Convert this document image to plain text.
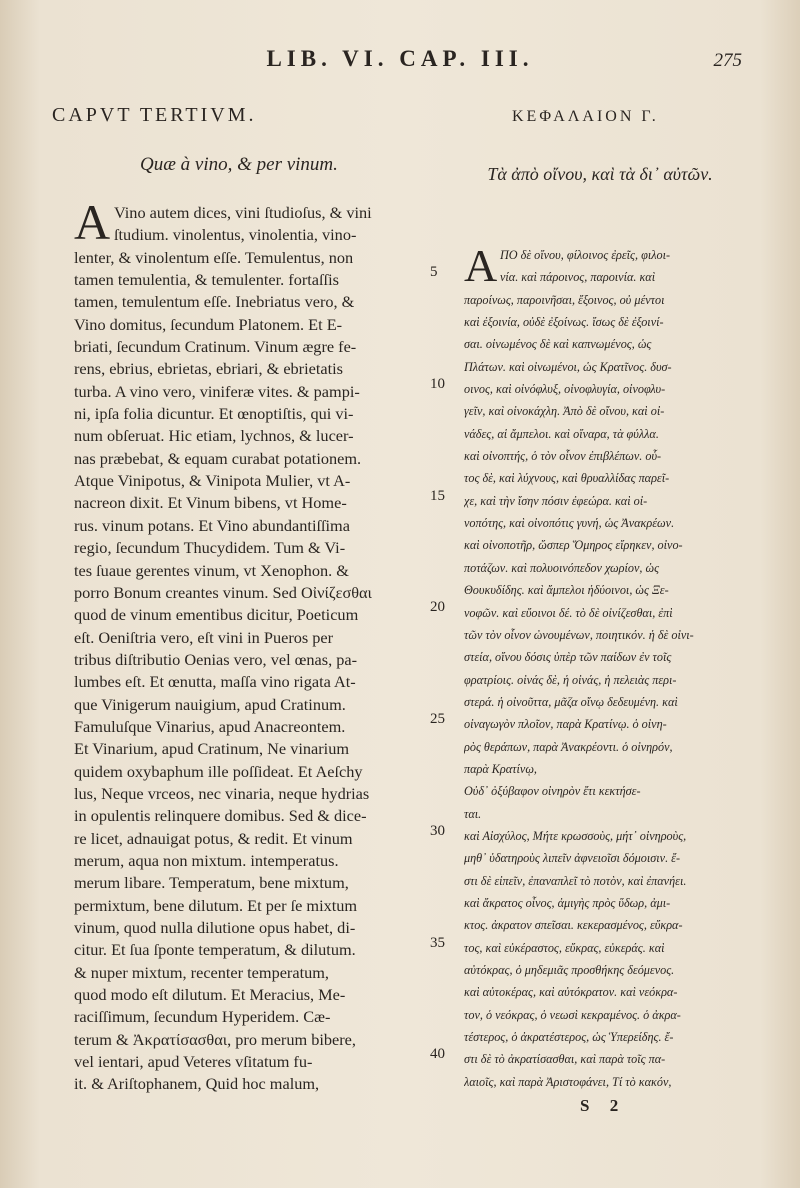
LIB. VI. CAP. III.	275
CAPVT TERTIVM.
Quæ à vino, & per vinum.
ΚΕΦΑΛΑΙΟΝ Γ.
Τὰ ἀπὸ οἴνου, καὶ τὰ δι᾽ αὐτῶν.
A Vino autem dices, vini ſtudioſus, & vini
ſtudium. vinolentus, vinolentia, vino-
lenter, & vinolentum eſſe. Temulentus, non
tamen temulentia, & temulenter. fortaſſis
tamen, temulentum eſſe. Inebriatus vero, &
Vino domitus, ſecundum Platonem. Et E-
briati, ſecundum Cratinum. Vinum ægre fe-
rens, ebrius, ebrietas, ebriari, & ebrietatis
turba. A vino vero, viniferæ vites. & pampi-
ni, ipſa folia dicuntur. Et œnoptiſtis, qui vi-
num obſeruat. Hic etiam, lychnos, & lucer-
nas præbebat, & equam curabat potationem.
Atque Vinipotus, & Vinipota Mulier, vt A-
nacreon dixit. Et Vinum bibens, vt Home-
rus. vinum potans. Et Vino abundantiſſima
regio, ſecundum Thucydidem. Tum & Vi-
tes ſuaue gerentes vinum, vt Xenophon. &
porro Bonum creantes vinum. Sed Οἰνίζεσθαι
quod de vinum ementibus dicitur, Poeticum
eſt. Oeniſtria vero, eſt vini in Pueros per
tribus diſtributio Oenias vero, vel œnas, pa-
lumbes eſt. Et œnutta, maſſa vino rigata At-
que Vinigerum nauigium, apud Cratinum.
Famuluſque Vinarius, apud Anacreontem.
Et Vinarium, apud Cratinum, Ne vinarium
quidem oxybaphum ille poſſideat. Et Aeſchy
lus, Neque vrceos, nec vinaria, neque hydrias
in opulentis relinquere domibus. Sed & dice-
re licet, adnauigat potus, & redit. Et vinum
merum, aqua non mixtum. intemperatus.
merum libare. Temperatum, bene mixtum,
permixtum, bene dilutum. Et per ſe mixtum
vinum, quod nulla dilutione opus habet, di-
citur. Et ſua ſponte temperatum, & dilutum.
& nuper mixtum, recenter temperatum,
quod modo eſt dilutum. Et Meracius, Me-
raciſſimum, ſecundum Hyperidem. Cæ-
terum & Ἀκρατίσασθαι, pro merum bibere,
vel ientari, apud Veteres vſitatum fu-
it. & Ariſtophanem, Quid hoc malum,
Α ΠΟ δὲ οἴνου, φίλοινος ἐρεῖς, φιλοι-
νία. καὶ πάροινος, παροινία. καὶ
παροίνως, παροινῆσαι, ἔξοινος, οὐ μέντοι
καὶ ἐξοινία, οὐδὲ ἐξοίνως. ἴσως δὲ ἐξοινί-
σαι. οἰνωμένος δὲ καὶ καπνωμένος, ὡς
Πλάτων. καὶ οἰνωμένοι, ὡς Κρατῖνος. δυσ-
οινος, καὶ οἰνόφλυξ, οἰνοφλυγία, οἰνοφλυ-
γεῖν, καὶ οἰνοκάχλη. Ἀπὸ δὲ οἴνου, καὶ οἰ-
νάδες, αἱ ἄμπελοι. καὶ οἴναρα, τὰ φύλλα.
καὶ οἰνοπτής, ὁ τὸν οἶνον ἐπιβλέπων. οὗ-
τος δὲ, καὶ λύχνους, καὶ θρυαλλίδας παρεῖ-
χε, καὶ τὴν ἴσην πόσιν ἐφεώρα. καὶ οἰ-
νοπότης, καὶ οἰνοπότις γυνή, ὡς Ἀνακρέων.
καὶ οἰνοποτῆρ, ὥσπερ Ὅμηρος εἴρηκεν, οἰνο-
ποτάζων. καὶ πολυοινόπεδον χωρίον, ὡς
Θουκυδίδης. καὶ ἄμπελοι ἡδύοινοι, ὡς Ξε-
νοφῶν. καὶ εὔοινοι δέ. τὸ δὲ οἰνίζεσθαι, ἐπὶ
τῶν τὸν οἶνον ὠνουμένων, ποιητικόν. ἡ δὲ οἰνι-
στεία, οἴνου δόσις ὑπὲρ τῶν παίδων ἐν τοῖς
φρατρίοις. οἰνάς δὲ, ἡ οἰνάς, ἡ πελειὰς περι-
στερά. ἡ οἰνοῦττα, μᾶζα οἴνῳ δεδευμένη. καὶ
οἰναγωγὸν πλοῖον, παρὰ Κρατίνῳ. ὁ οἰνη-
ρὸς θεράπων, παρὰ Ἀνακρέοντι. ὁ οἰνηρόν,
παρὰ Κρατίνῳ,
Οὐδ᾽ ὀξύβαφον οἰνηρὸν ἔτι κεκτήσε-
ται.
καὶ Αἰσχύλος, Μήτε κρωσσοὺς, μήτ᾽ οἰνηροὺς,
μηθ᾽ ὑδατηροὺς λιπεῖν ἀφνειοῖσι δόμοισιν. ἔ-
στι δὲ εἰπεῖν, ἐπαναπλεῖ τὸ ποτὸν, καὶ ἐπανήει.
καὶ ἄκρατος οἶνος, ἀμιγὴς πρὸς ὕδωρ, ἀμι-
κτος. ἀκρατον σπεῖσαι. κεκερασμένος, εὔκρα-
τος, καὶ εὐκέραστος, εὔκρας, εὐκεράς. καὶ
αὐτόκρας, ὁ μηδεμιᾶς προσθήκης δεόμενος.
καὶ αὐτοκέρας, καὶ αὐτόκρατον. καὶ νεόκρα-
τον, ὁ νεόκρας, ὁ νεωσὶ κεκραμένος. ὁ ἀκρα-
τέστερος, ὁ ἀκρατέστερος, ὡς Ὑπερείδης. ἔ-
στι δὲ τὸ ἀκρατίσασθαι, καὶ παρὰ τοῖς πα-
λαιοῖς, καὶ παρὰ Ἀριστοφάνει, Τί τὸ κακόν,
5
10
15
20
25
30
35
40
S 2
